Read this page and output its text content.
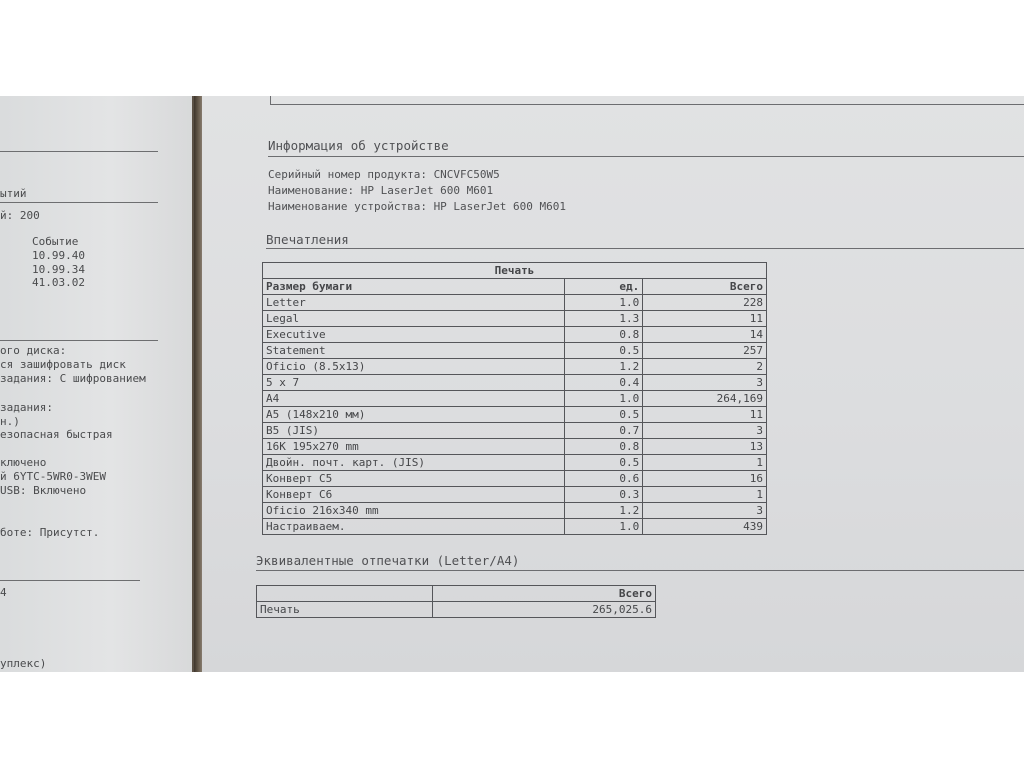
ытий
й: 200
Событие
10.99.40
10.99.34
41.03.02
ого диска:
ся зашифровать диск
задания: С шифрованием
задания:
н.)
езопасная быстрая
ключено
й 6YTC-5WR0-3WEW
USB: Включено
боте: Присутст.
4
уплекс)
Информация об устройстве
Серийный номер продукта: CNCVFC50W5
Наименование: HP LaserJet 600 M601
Наименование устройства: HP LaserJet 600 M601
Впечатления
Печать		
Размер бумаги	ед.	Всего
Letter	1.0	228
Legal	1.3	11
Executive	0.8	14
Statement	0.5	257
Oficio (8.5x13)	1.2	2
5 x 7	0.4	3
A4	1.0	264,169
A5 (148x210 мм)	0.5	11
B5 (JIS)	0.7	3
16K 195x270 mm	0.8	13
Двойн. почт. карт. (JIS)	0.5	1
Конверт C5	0.6	16
Конверт C6	0.3	1
Oficio 216x340 mm	1.2	3
Настраиваем.	1.0	439
Эквивалентные отпечатки (Letter/A4)
	Всего
Печать	265,025.6
